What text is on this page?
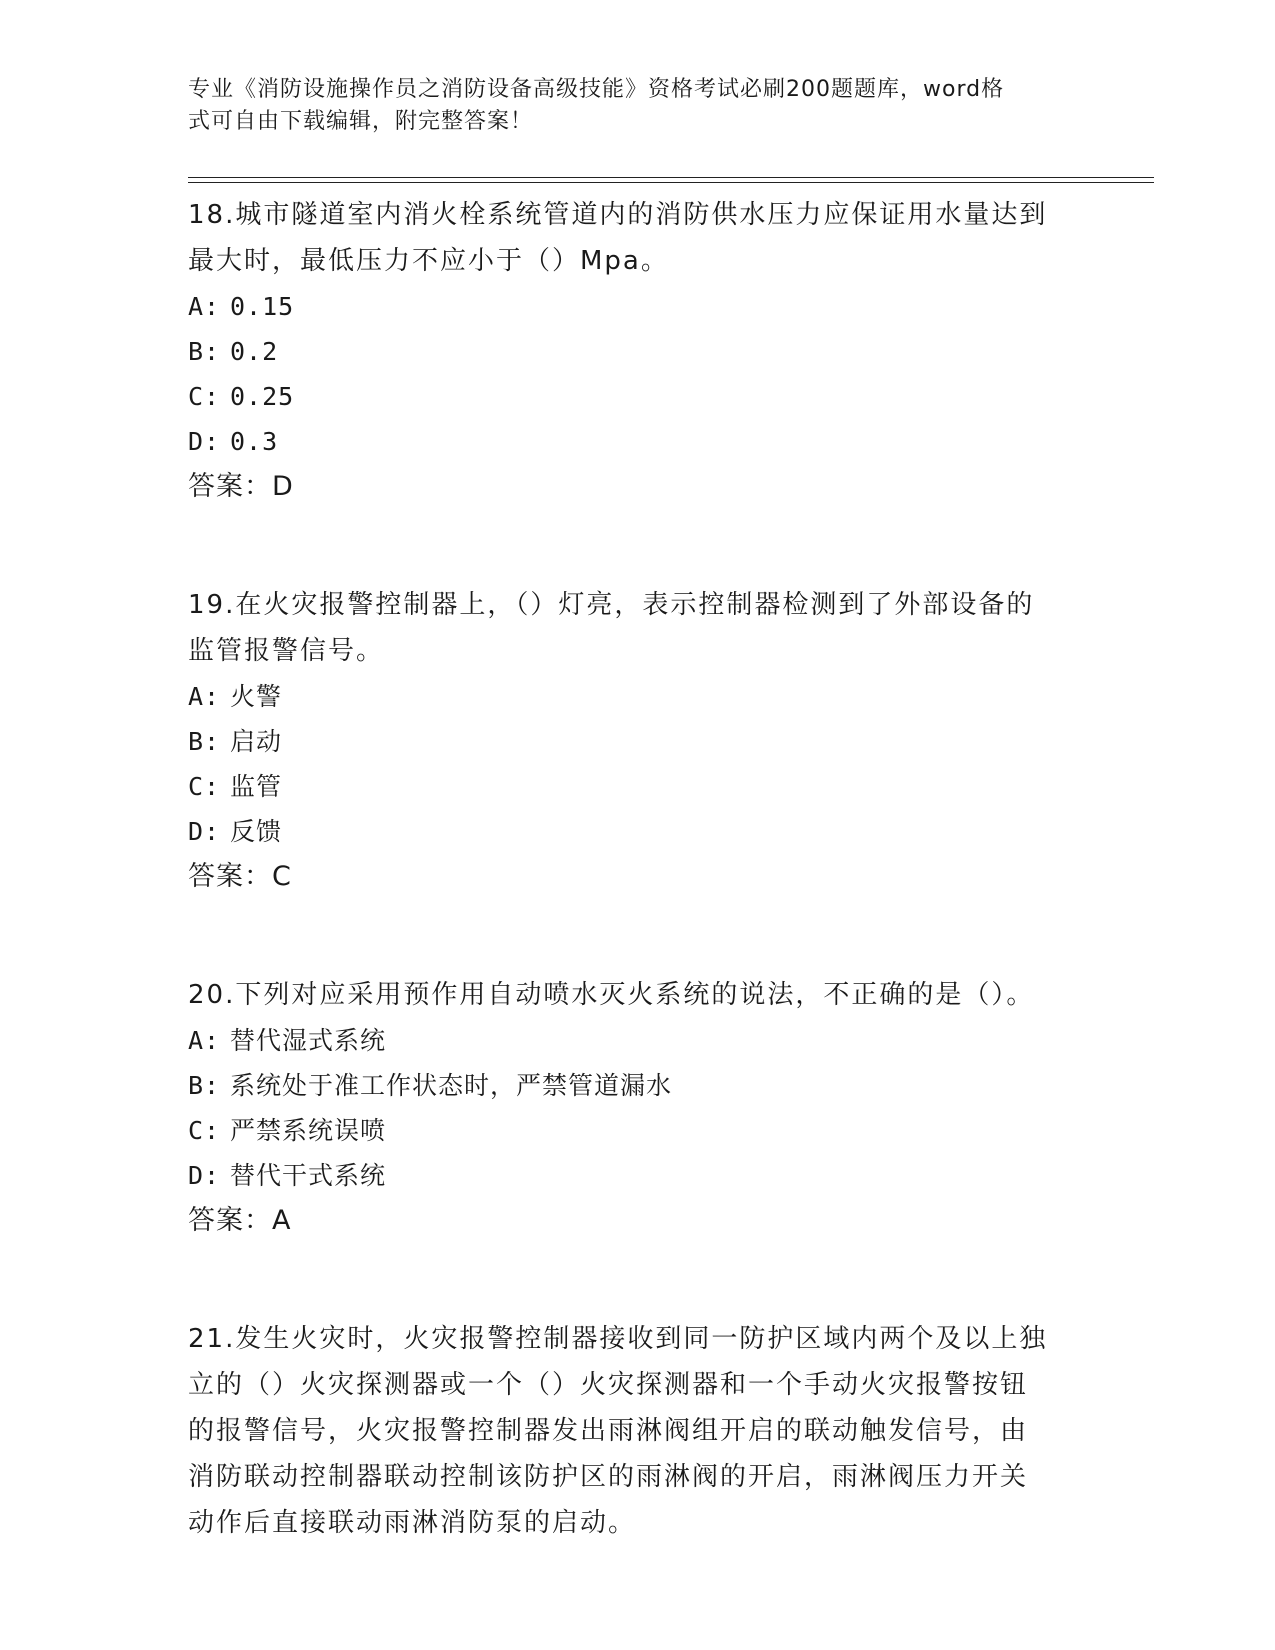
专业《消防设施操作员之消防设备高级技能》资格考试必刷200题题库，word格
式可自由下载编辑，附完整答案！

18.城市隧道室内消火栓系统管道内的消防供水压力应保证用水量达到

最大时，最低压力不应小于（）Mpa。

A: 0.15

B: 0.2

C: 0.25

D: 0.3

答案：D

19.在火灾报警控制器上，（）灯亮，表示控制器检测到了外部设备的

监管报警信号。

A: 火警

B: 启动

C: 监管

D: 反馈

答案：C

20.下列对应采用预作用自动喷水灭火系统的说法，不正确的是（）。

A: 替代湿式系统

B: 系统处于准工作状态时，严禁管道漏水

C: 严禁系统误喷

D: 替代干式系统

答案：A

21.发生火灾时，火灾报警控制器接收到同一防护区域内两个及以上独

立的（）火灾探测器或一个（）火灾探测器和一个手动火灾报警按钮

的报警信号，火灾报警控制器发出雨淋阀组开启的联动触发信号，由

消防联动控制器联动控制该防护区的雨淋阀的开启，雨淋阀压力开关

动作后直接联动雨淋消防泵的启动。
